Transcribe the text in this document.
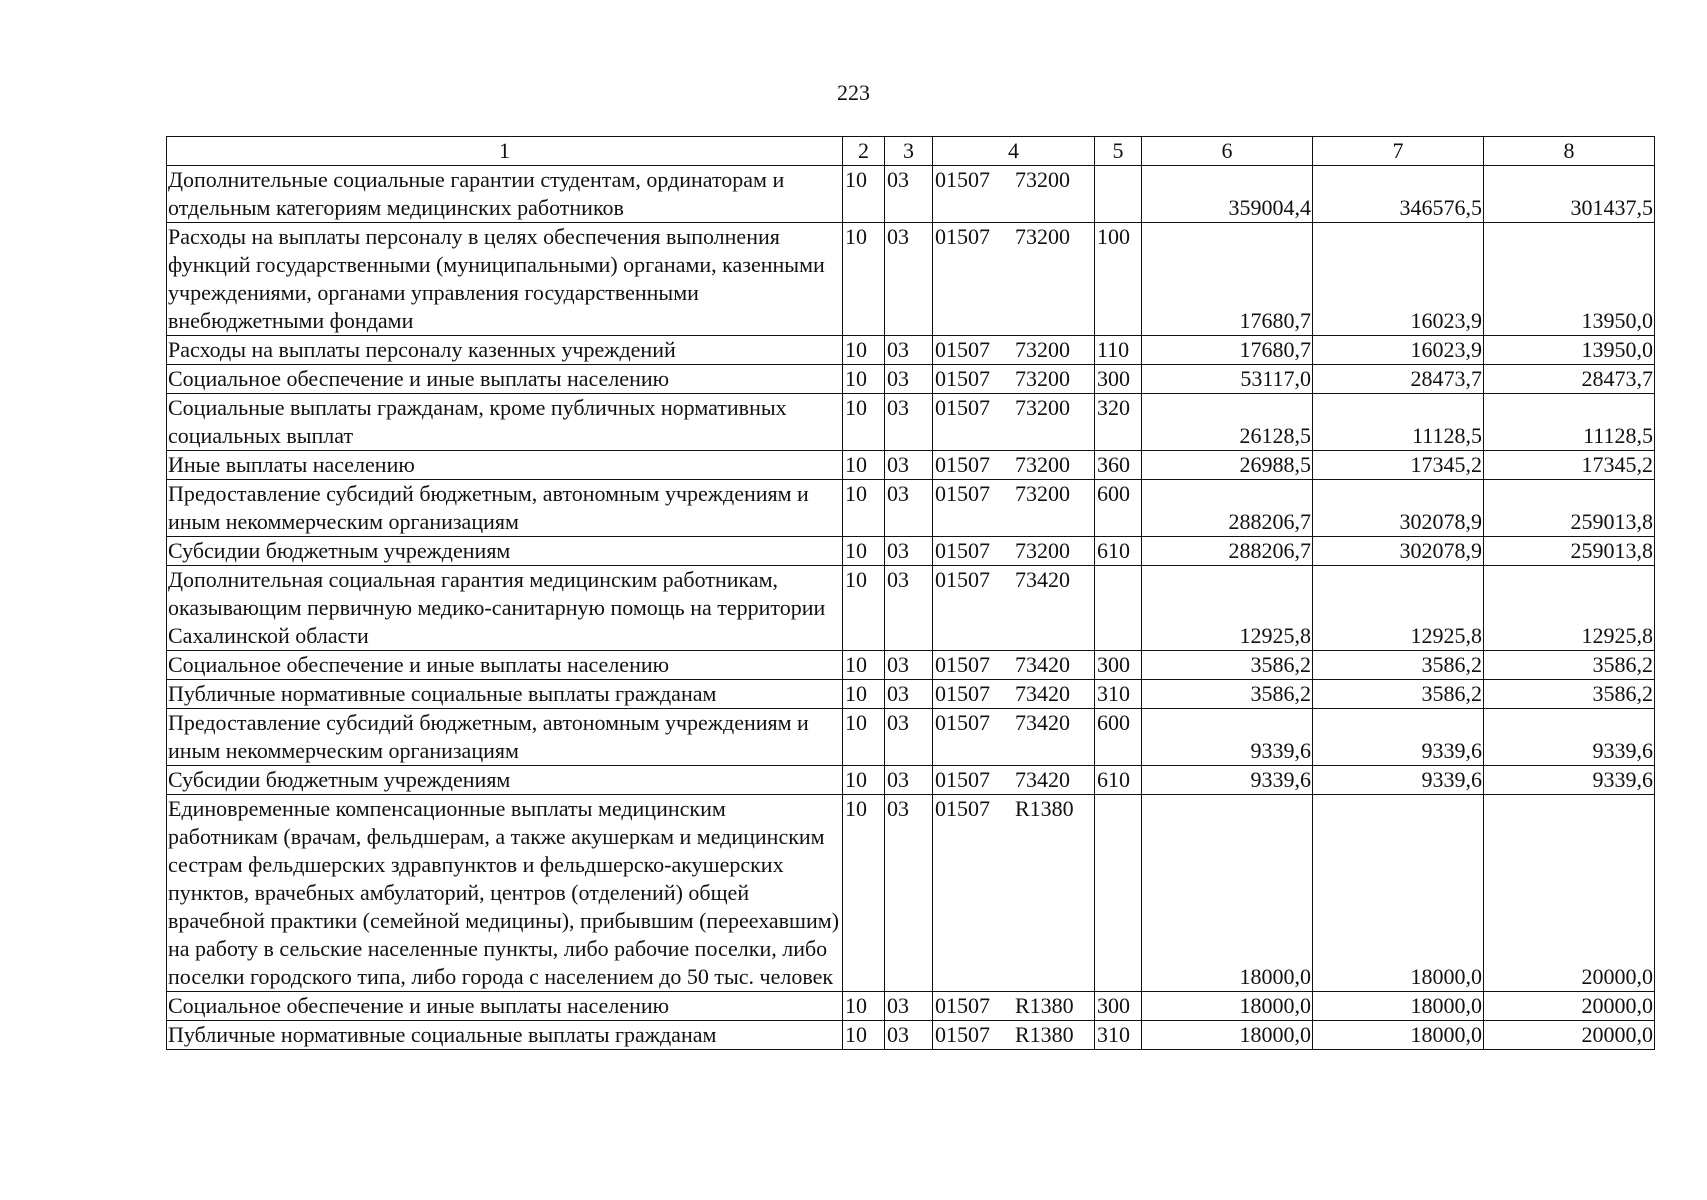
223
1	2	3	4	5	6	7	8
Дополнительные социальные гарантии студентам, ординаторам и отдельным категориям медицинских работников	10	03	01507 73200		359004,4	346576,5	301437,5
Расходы на выплаты персоналу в целях обеспечения выполнения функций государственными (муниципальными) органами, казенными учреждениями, органами управления государственными внебюджетными фондами	10	03	01507 73200	100	17680,7	16023,9	13950,0
Расходы на выплаты персоналу казенных учреждений	10	03	01507 73200	110	17680,7	16023,9	13950,0
Социальное обеспечение и иные выплаты населению	10	03	01507 73200	300	53117,0	28473,7	28473,7
Социальные выплаты гражданам, кроме публичных нормативных социальных выплат	10	03	01507 73200	320	26128,5	11128,5	11128,5
Иные выплаты населению	10	03	01507 73200	360	26988,5	17345,2	17345,2
Предоставление субсидий бюджетным, автономным учреждениям и иным некоммерческим организациям	10	03	01507 73200	600	288206,7	302078,9	259013,8
Субсидии бюджетным учреждениям	10	03	01507 73200	610	288206,7	302078,9	259013,8
Дополнительная социальная гарантия медицинским работникам, оказывающим первичную медико-санитарную помощь на территории Сахалинской области	10	03	01507 73420		12925,8	12925,8	12925,8
Социальное обеспечение и иные выплаты населению	10	03	01507 73420	300	3586,2	3586,2	3586,2
Публичные нормативные социальные выплаты гражданам	10	03	01507 73420	310	3586,2	3586,2	3586,2
Предоставление субсидий бюджетным, автономным учреждениям и иным некоммерческим организациям	10	03	01507 73420	600	9339,6	9339,6	9339,6
Субсидии бюджетным учреждениям	10	03	01507 73420	610	9339,6	9339,6	9339,6
Единовременные компенсационные выплаты медицинским работникам (врачам, фельдшерам, а также акушеркам и медицинским сестрам фельдшерских здравпунктов и фельдшерско-акушерских пунктов, врачебных амбулаторий, центров (отделений) общей врачебной практики (семейной медицины), прибывшим (переехавшим) на работу в сельские населенные пункты, либо рабочие поселки, либо поселки городского типа, либо города с населением до 50 тыс. человек	10	03	01507 R1380		18000,0	18000,0	20000,0
Социальное обеспечение и иные выплаты населению	10	03	01507 R1380	300	18000,0	18000,0	20000,0
Публичные нормативные социальные выплаты гражданам	10	03	01507 R1380	310	18000,0	18000,0	20000,0
